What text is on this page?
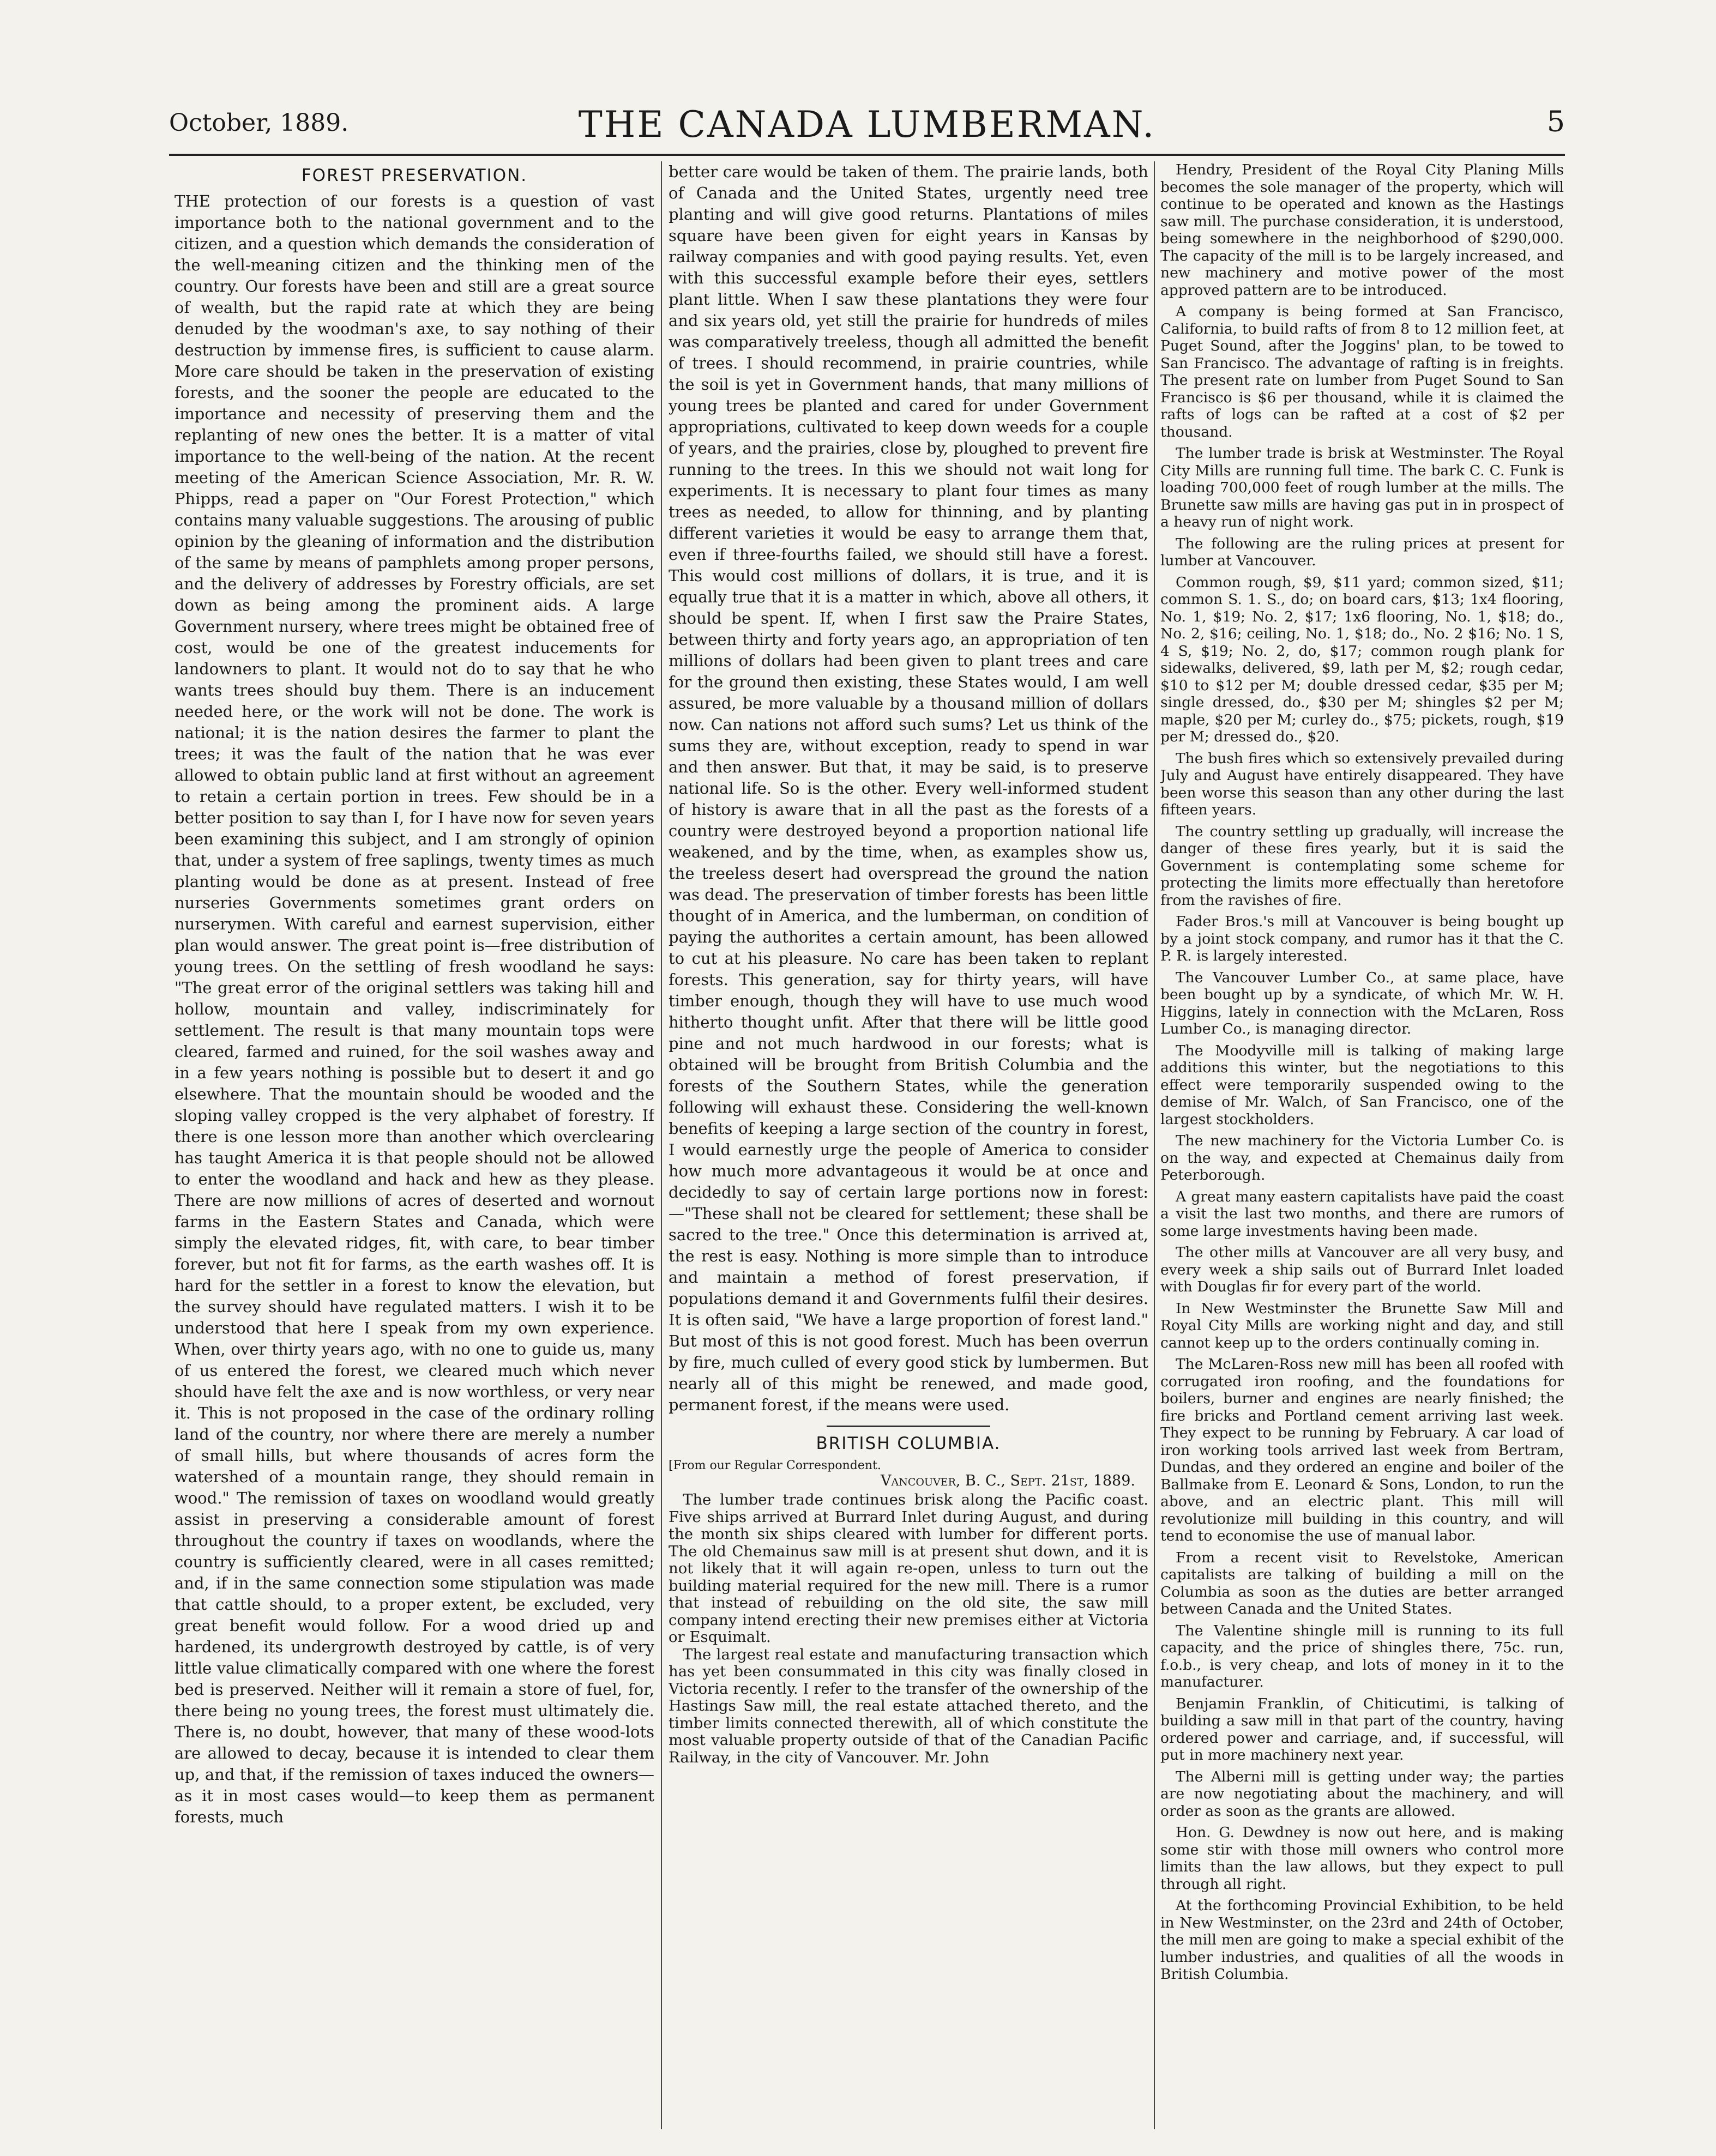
October, 1889.	THE CANADA LUMBERMAN.	5
FOREST PRESERVATION.

THE protection of our forests is a question of vast importance both to the national government and to the citizen, and a question which demands the consideration of the well-meaning citizen and the thinking men of the country. Our forests have been and still are a great source of wealth, but the rapid rate at which they are being denuded by the woodman's axe, to say nothing of their destruction by immense fires, is sufficient to cause alarm. More care should be taken in the preservation of existing forests, and the sooner the people are educated to the importance and necessity of preserving them and the replanting of new ones the better. It is a matter of vital importance to the well-being of the nation. At the recent meeting of the American Science Association, Mr. R. W. Phipps, read a paper on "Our Forest Protection," which contains many valuable suggestions. The arousing of public opinion by the gleaning of information and the distribution of the same by means of pamphlets among proper persons, and the delivery of addresses by Forestry officials, are set down as being among the prominent aids. A large Government nursery, where trees might be obtained free of cost, would be one of the greatest inducements for landowners to plant. It would not do to say that he who wants trees should buy them. There is an inducement needed here, or the work will not be done. The work is national; it is the nation desires the farmer to plant the trees; it was the fault of the nation that he was ever allowed to obtain public land at first without an agreement to retain a certain portion in trees. Few should be in a better position to say than I, for I have now for seven years been examining this subject, and I am strongly of opinion that, under a system of free saplings, twenty times as much planting would be done as at present. Instead of free nurseries Governments sometimes grant orders on nurserymen. With careful and earnest supervision, either plan would answer. The great point is—free distribution of young trees. On the settling of fresh woodland he says: "The great error of the original settlers was taking hill and hollow, mountain and valley, indiscriminately for settlement. The result is that many mountain tops were cleared, farmed and ruined, for the soil washes away and in a few years nothing is possible but to desert it and go elsewhere. That the mountain should be wooded and the sloping valley cropped is the very alphabet of forestry. If there is one lesson more than another which overclearing has taught America it is that people should not be allowed to enter the woodland and hack and hew as they please. There are now millions of acres of deserted and wornout farms in the Eastern States and Canada, which were simply the elevated ridges, fit, with care, to bear timber forever, but not fit for farms, as the earth washes off. It is hard for the settler in a forest to know the elevation, but the survey should have regulated matters. I wish it to be understood that here I speak from my own experience. When, over thirty years ago, with no one to guide us, many of us entered the forest, we cleared much which never should have felt the axe and is now worthless, or very near it. This is not proposed in the case of the ordinary rolling land of the country, nor where there are merely a number of small hills, but where thousands of acres form the watershed of a mountain range, they should remain in wood." The remission of taxes on woodland would greatly assist in preserving a considerable amount of forest throughout the country if taxes on woodlands, where the country is sufficiently cleared, were in all cases remitted; and, if in the same connection some stipulation was made that cattle should, to a proper extent, be excluded, very great benefit would follow. For a wood dried up and hardened, its undergrowth destroyed by cattle, is of very little value climatically compared with one where the forest bed is preserved. Neither will it remain a store of fuel, for, there being no young trees, the forest must ultimately die. There is, no doubt, however, that many of these wood-lots are allowed to decay, because it is intended to clear them up, and that, if the remission of taxes induced the owners—as it in most cases would—to keep them as permanent forests, much

better care would be taken of them. The prairie lands, both of Canada and the United States, urgently need tree planting and will give good returns. Plantations of miles square have been given for eight years in Kansas by railway companies and with good paying results. Yet, even with this successful example before their eyes, settlers plant little. When I saw these plantations they were four and six years old, yet still the prairie for hundreds of miles was comparatively treeless, though all admitted the benefit of trees. I should recommend, in prairie countries, while the soil is yet in Government hands, that many millions of young trees be planted and cared for under Government appropriations, cultivated to keep down weeds for a couple of years, and the prairies, close by, ploughed to prevent fire running to the trees. In this we should not wait long for experiments. It is necessary to plant four times as many trees as needed, to allow for thinning, and by planting different varieties it would be easy to arrange them that, even if three-fourths failed, we should still have a forest. This would cost millions of dollars, it is true, and it is equally true that it is a matter in which, above all others, it should be spent. If, when I first saw the Praire States, between thirty and forty years ago, an appropriation of ten millions of dollars had been given to plant trees and care for the ground then existing, these States would, I am well assured, be more valuable by a thousand million of dollars now. Can nations not afford such sums? Let us think of the sums they are, without exception, ready to spend in war and then answer. But that, it may be said, is to preserve national life. So is the other. Every well-informed student of history is aware that in all the past as the forests of a country were destroyed beyond a proportion national life weakened, and by the time, when, as examples show us, the treeless desert had overspread the ground the nation was dead. The preservation of timber forests has been little thought of in America, and the lumberman, on condition of paying the authorites a certain amount, has been allowed to cut at his pleasure. No care has been taken to replant forests. This generation, say for thirty years, will have timber enough, though they will have to use much wood hitherto thought unfit. After that there will be little good pine and not much hardwood in our forests; what is obtained will be brought from British Columbia and the forests of the Southern States, while the generation following will exhaust these. Considering the well-known benefits of keeping a large section of the country in forest, I would earnestly urge the people of America to consider how much more advantageous it would be at once and decidedly to say of certain large portions now in forest:—"These shall not be cleared for settlement; these shall be sacred to the tree." Once this determination is arrived at, the rest is easy. Nothing is more simple than to introduce and maintain a method of forest preservation, if populations demand it and Governments fulfil their desires. It is often said, "We have a large proportion of forest land." But most of this is not good forest. Much has been overrun by fire, much culled of every good stick by lumbermen. But nearly all of this might be renewed, and made good, permanent forest, if the means were used.

BRITISH COLUMBIA.

[From our Regular Correspondent.

Vancouver, B. C., Sept. 21st, 1889.

The lumber trade continues brisk along the Pacific coast. Five ships arrived at Burrard Inlet during August, and during the month six ships cleared with lumber for different ports. The old Chemainus saw mill is at present shut down, and it is not likely that it will again re-open, unless to turn out the building material required for the new mill. There is a rumor that instead of rebuilding on the old site, the saw mill company intend erecting their new premises either at Victoria or Esquimalt.

The largest real estate and manufacturing transaction which has yet been consummated in this city was finally closed in Victoria recently. I refer to the transfer of the ownership of the Hastings Saw mill, the real estate attached thereto, and the timber limits connected therewith, all of which constitute the most valuable property outside of that of the Canadian Pacific Railway, in the city of Vancouver. Mr. John

Hendry, President of the Royal City Planing Mills becomes the sole manager of the property, which will continue to be operated and known as the Hastings saw mill. The purchase consideration, it is understood, being somewhere in the neighborhood of $290,000. The capacity of the mill is to be largely increased, and new machinery and motive power of the most approved pattern are to be introduced.

A company is being formed at San Francisco, California, to build rafts of from 8 to 12 million feet, at Puget Sound, after the Joggins' plan, to be towed to San Francisco. The advantage of rafting is in freights. The present rate on lumber from Puget Sound to San Francisco is $6 per thousand, while it is claimed the rafts of logs can be rafted at a cost of $2 per thousand.

The lumber trade is brisk at Westminster. The Royal City Mills are running full time. The bark C. C. Funk is loading 700,000 feet of rough lumber at the mills. The Brunette saw mills are having gas put in in prospect of a heavy run of night work.

The following are the ruling prices at present for lumber at Vancouver.

Common rough, $9, $11 yard; common sized, $11; common S. 1. S., do; on board cars, $13; 1x4 flooring, No. 1, $19; No. 2, $17; 1x6 flooring, No. 1, $18; do., No. 2, $16; ceiling, No. 1, $18; do., No. 2 $16; No. 1 S, 4 S, $19; No. 2, do, $17; common rough plank for sidewalks, delivered, $9, lath per M, $2; rough cedar, $10 to $12 per M; double dressed cedar, $35 per M; single dressed, do., $30 per M; shingles $2 per M; maple, $20 per M; curley do., $75; pickets, rough, $19 per M; dressed do., $20.

The bush fires which so extensively prevailed during July and August have entirely disappeared. They have been worse this season than any other during the last fifteen years.

The country settling up gradually, will increase the danger of these fires yearly, but it is said the Government is contemplating some scheme for protecting the limits more effectually than heretofore from the ravishes of fire.

Fader Bros.'s mill at Vancouver is being bought up by a joint stock company, and rumor has it that the C. P. R. is largely interested.

The Vancouver Lumber Co., at same place, have been bought up by a syndicate, of which Mr. W. H. Higgins, lately in connection with the McLaren, Ross Lumber Co., is managing director.

The Moodyville mill is talking of making large additions this winter, but the negotiations to this effect were temporarily suspended owing to the demise of Mr. Walch, of San Francisco, one of the largest stockholders.

The new machinery for the Victoria Lumber Co. is on the way, and expected at Chemainus daily from Peterborough.

A great many eastern capitalists have paid the coast a visit the last two months, and there are rumors of some large investments having been made.

The other mills at Vancouver are all very busy, and every week a ship sails out of Burrard Inlet loaded with Douglas fir for every part of the world.

In New Westminster the Brunette Saw Mill and Royal City Mills are working night and day, and still cannot keep up to the orders continually coming in.

The McLaren-Ross new mill has been all roofed with corrugated iron roofing, and the foundations for boilers, burner and engines are nearly finished; the fire bricks and Portland cement arriving last week. They expect to be running by February. A car load of iron working tools arrived last week from Bertram, Dundas, and they ordered an engine and boiler of the Ballmake from E. Leonard & Sons, London, to run the above, and an electric plant. This mill will revolutionize mill building in this country, and will tend to economise the use of manual labor.

From a recent visit to Revelstoke, American capitalists are talking of building a mill on the Columbia as soon as the duties are better arranged between Canada and the United States.

The Valentine shingle mill is running to its full capacity, and the price of shingles there, 75c. run, f.o.b., is very cheap, and lots of money in it to the manufacturer.

Benjamin Franklin, of Chiticutimi, is talking of building a saw mill in that part of the country, having ordered power and carriage, and, if successful, will put in more machinery next year.

The Alberni mill is getting under way; the parties are now negotiating about the machinery, and will order as soon as the grants are allowed.

Hon. G. Dewdney is now out here, and is making some stir with those mill owners who control more limits than the law allows, but they expect to pull through all right.

At the forthcoming Provincial Exhibition, to be held in New Westminster, on the 23rd and 24th of October, the mill men are going to make a special exhibit of the lumber industries, and qualities of all the woods in British Columbia.
